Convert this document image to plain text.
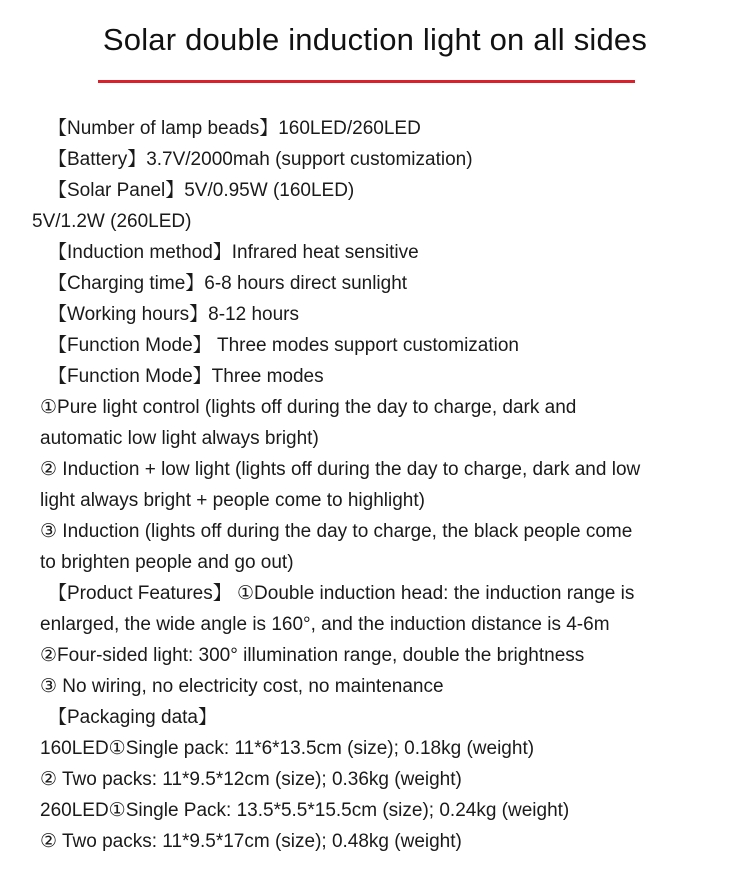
Solar double induction light on all sides
【Number of lamp beads】160LED/260LED
【Battery】3.7V/2000mah (support customization)
【Solar Panel】5V/0.95W (160LED)
5V/1.2W (260LED)
【Induction method】Infrared heat sensitive
【Charging time】6-8 hours direct sunlight
【Working hours】8-12 hours
【Function Mode】 Three modes support customization
【Function Mode】Three modes
①Pure light control (lights off during the day to charge, dark and
automatic low light always bright)
② Induction + low light (lights off during the day to charge, dark and low
light always bright + people come to highlight)
③ Induction (lights off during the day to charge, the black people come
to brighten people and go out)
【Product Features】 ①Double induction head: the induction range is
enlarged, the wide angle is 160°, and the induction distance is 4-6m
②Four-sided light: 300° illumination range, double the brightness
③ No wiring, no electricity cost, no maintenance
【Packaging data】
160LED①Single pack: 11*6*13.5cm (size); 0.18kg (weight)
② Two packs: 11*9.5*12cm (size); 0.36kg (weight)
260LED①Single Pack: 13.5*5.5*15.5cm (size); 0.24kg (weight)
② Two packs: 11*9.5*17cm (size); 0.48kg (weight)
